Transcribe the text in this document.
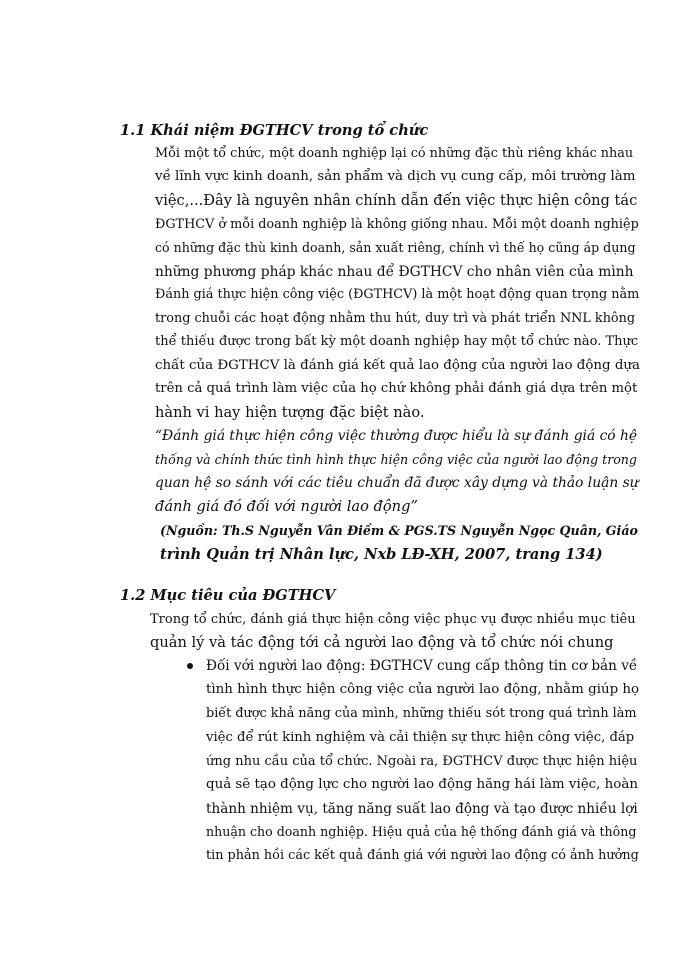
1.1 Khái niệm ĐGTHCV trong tổ chức
Mỗi một tổ chức, một doanh nghiệp lại có những đặc thù riêng khác nhau
về lĩnh vực kinh doanh, sản phẩm và dịch vụ cung cấp, môi trường làm
việc,...Đây là nguyên nhân chính dẫn đến việc thực hiện công tác
ĐGTHCV ở mỗi doanh nghiệp là không giống nhau. Mỗi một doanh nghiệp
có những đặc thù kinh doanh, sản xuất riêng, chính vì thế họ cũng áp dụng
những phương pháp khác nhau để ĐGTHCV cho nhân viên của mình
Đánh giá thực hiện công việc (ĐGTHCV) là một hoạt động quan trọng nằm
trong chuỗi các hoạt động nhằm thu hút, duy trì và phát triển NNL không
thể thiếu được trong bất kỳ một doanh nghiệp hay một tổ chức nào. Thực
chất của ĐGTHCV là đánh giá kết quả lao động của người lao động dựa
trên cả quá trình làm việc của họ chứ không phải đánh giá dựa trên một
hành vi hay hiện tượng đặc biệt nào.
“Đánh giá thực hiện công việc thường được hiểu là sự đánh giá có hệ
thống và chính thức tình hình thực hiện công việc của người lao động trong
quan hệ so sánh với các tiêu chuẩn đã được xây dựng và thảo luận sự
đánh giá đó đối với người lao động”
(Nguồn: Th.S Nguyễn Vân Điềm & PGS.TS Nguyễn Ngọc Quân, Giáo
trình Quản trị Nhân lực, Nxb LĐ-XH, 2007, trang 134)
1.2 Mục tiêu của ĐGTHCV
Trong tổ chức, đánh giá thực hiện công việc phục vụ được nhiều mục tiêu
quản lý và tác động tới cả người lao động và tổ chức nói chung
Đối với người lao động: ĐGTHCV cung cấp thông tin cơ bản về
tình hình thực hiện công việc của người lao động, nhằm giúp họ
biết được khả năng của mình, những thiếu sót trong quá trình làm
việc để rút kinh nghiệm và cải thiện sự thực hiện công việc, đáp
ứng nhu cầu của tổ chức. Ngoài ra, ĐGTHCV được thực hiện hiệu
quả sẽ tạo động lực cho người lao động hăng hái làm việc, hoàn
thành nhiệm vụ, tăng năng suất lao động và tạo được nhiều lợi
nhuận cho doanh nghiệp. Hiệu quả của hệ thống đánh giá và thông
tin phản hồi các kết quả đánh giá với người lao động có ảnh hưởng
